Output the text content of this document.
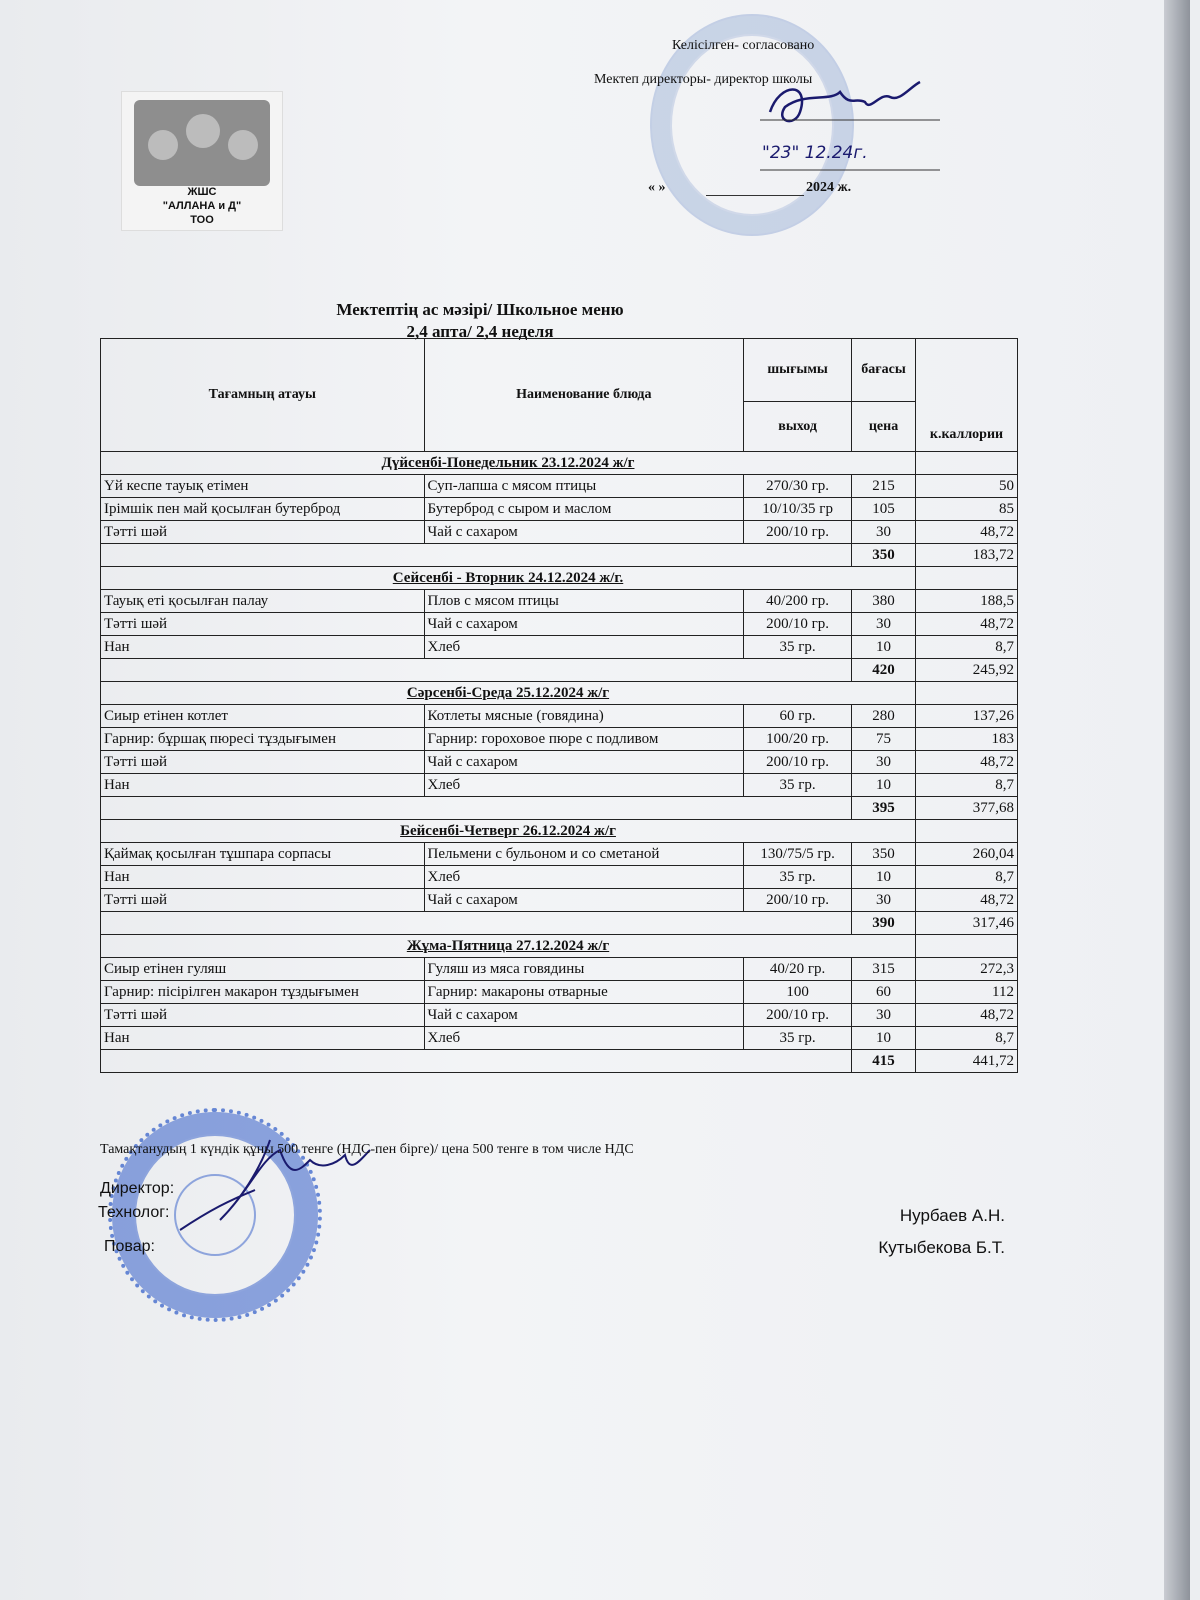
ЖШС
"АЛЛАНА и Д"
ТОО
Келісілген- согласовано
Мектеп директоры- директор школы
"23" 12.24г.
« »	2024 ж.
Мектептің ас мәзірі/ Школьное меню
2,4 апта/ 2,4 неделя
Тағамның атауы	Наименование блюда	шығымы	бағасы	к.каллории
		выход	цена	
Дүйсенбі-Понедельник 23.12.2024 ж/г				
Үй кеспе тауық етімен	Суп-лапша с мясом птицы	270/30 гр.	215	50
Ірімшік пен май қосылған бутерброд	Бутерброд с сыром и маслом	10/10/35 гр	105	85
Тәтті шәй	Чай с сахаром	200/10 гр.	30	48,72
			350	183,72
Сейсенбі - Вторник 24.12.2024 ж/г.				
Тауық еті қосылған палау	Плов с мясом птицы	40/200 гр.	380	188,5
Тәтті шәй	Чай с сахаром	200/10 гр.	30	48,72
Нан	Хлеб	35 гр.	10	8,7
			420	245,92
Сәрсенбі-Среда 25.12.2024 ж/г				
Сиыр етінен котлет	Котлеты мясные (говядина)	60 гр.	280	137,26
Гарнир: бұршақ пюресі тұздығымен	Гарнир: гороховое пюре с подливом	100/20 гр.	75	183
Тәтті шәй	Чай с сахаром	200/10 гр.	30	48,72
Нан	Хлеб	35 гр.	10	8,7
			395	377,68
Бейсенбі-Четверг 26.12.2024 ж/г				
Қаймақ қосылған тұшпара сорпасы	Пельмени с бульоном и со сметаной	130/75/5 гр.	350	260,04
Нан	Хлеб	35 гр.	10	8,7
Тәтті шәй	Чай с сахаром	200/10 гр.	30	48,72
			390	317,46
Жұма-Пятница 27.12.2024 ж/г				
Сиыр етінен гуляш	Гуляш из мяса говядины	40/20 гр.	315	272,3
Гарнир: пісірілген макарон тұздығымен	Гарнир: макароны отварные	100	60	112
Тәтті шәй	Чай с сахаром	200/10 гр.	30	48,72
Нан	Хлеб	35 гр.	10	8,7
			415	441,72
Тамақтанудың 1 күндік құны 500 тенге (НДС-пен бірге)/ цена 500 тенге в том числе НДС
Директор:
Технолог:
Повар:
Нурбаев А.Н.
Кутыбекова Б.Т.
